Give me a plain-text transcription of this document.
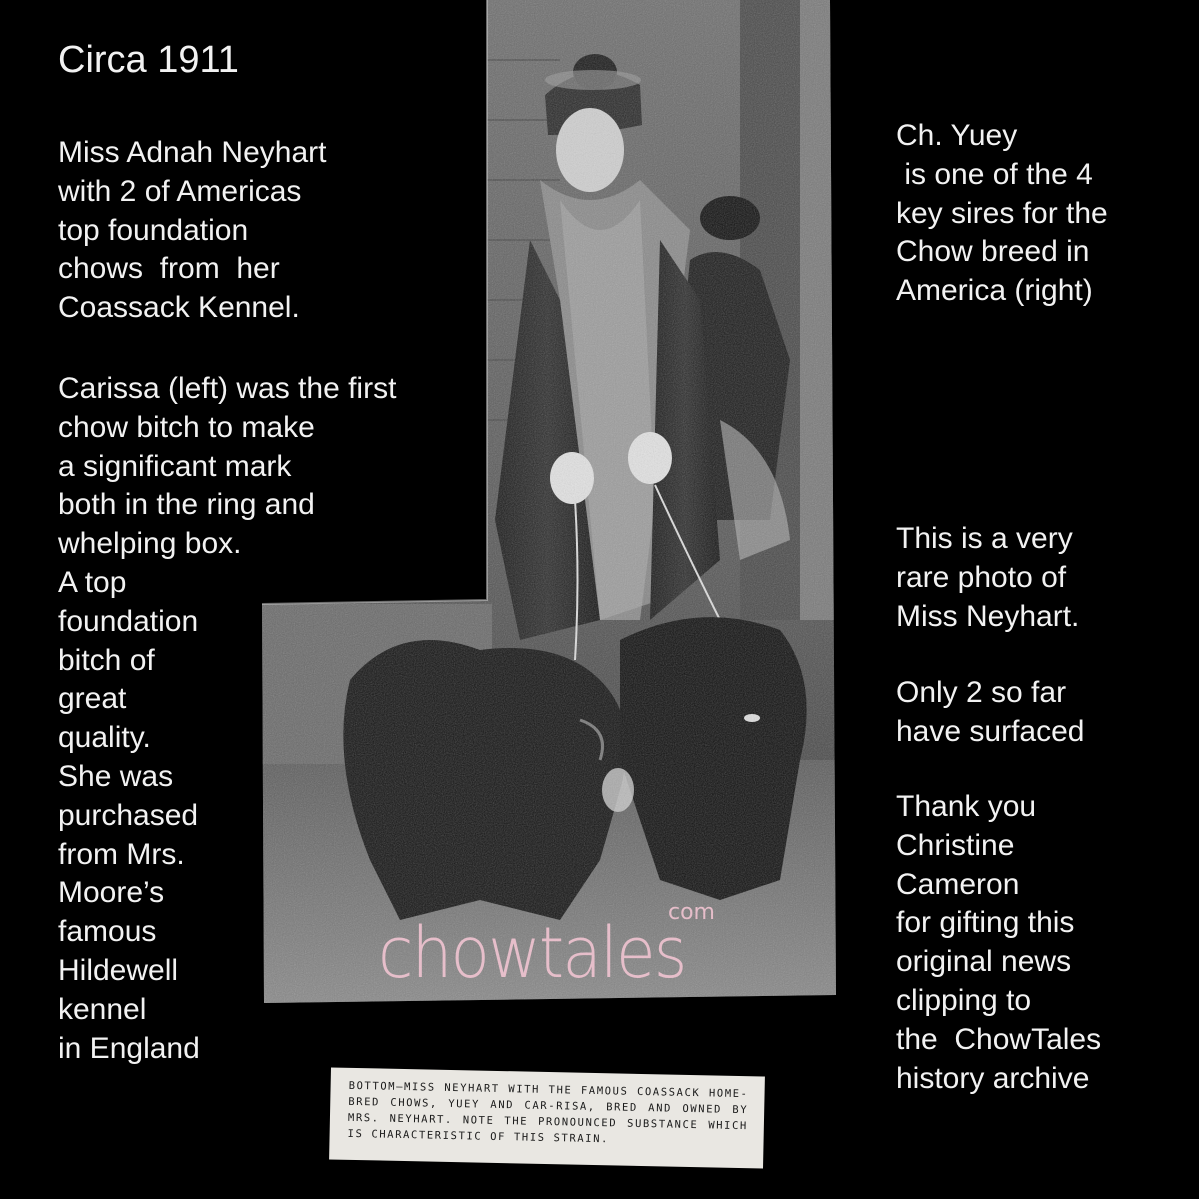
Circa 1911
Miss Adnah Neyhart
with 2 of Americas
top foundation
chows  from  her
Coassack Kennel.
Carissa (left) was the first
chow bitch to make
a significant mark
both in the ring and
whelping box.
A top
foundation
bitch of
great
quality.
She was
purchased
from Mrs.
Moore’s
famous
Hildewell
kennel
in England
chowtales
com
BOTTOM—MISS NEYHART WITH THE FAMOUS COASSACK HOME-BRED CHOWS, YUEY AND CAR-RISA, BRED AND OWNED BY MRS. NEYHART. NOTE THE PRONOUNCED SUBSTANCE WHICH IS CHARACTERISTIC OF THIS STRAIN.
Ch. Yuey
is one of the 4
key sires for the
Chow breed in
America (right)
This is a very
rare photo of
Miss Neyhart.
Only 2 so far
have surfaced
Thank you
Christine
Cameron
for gifting this
original news
clipping to
the  ChowTales
history archive
